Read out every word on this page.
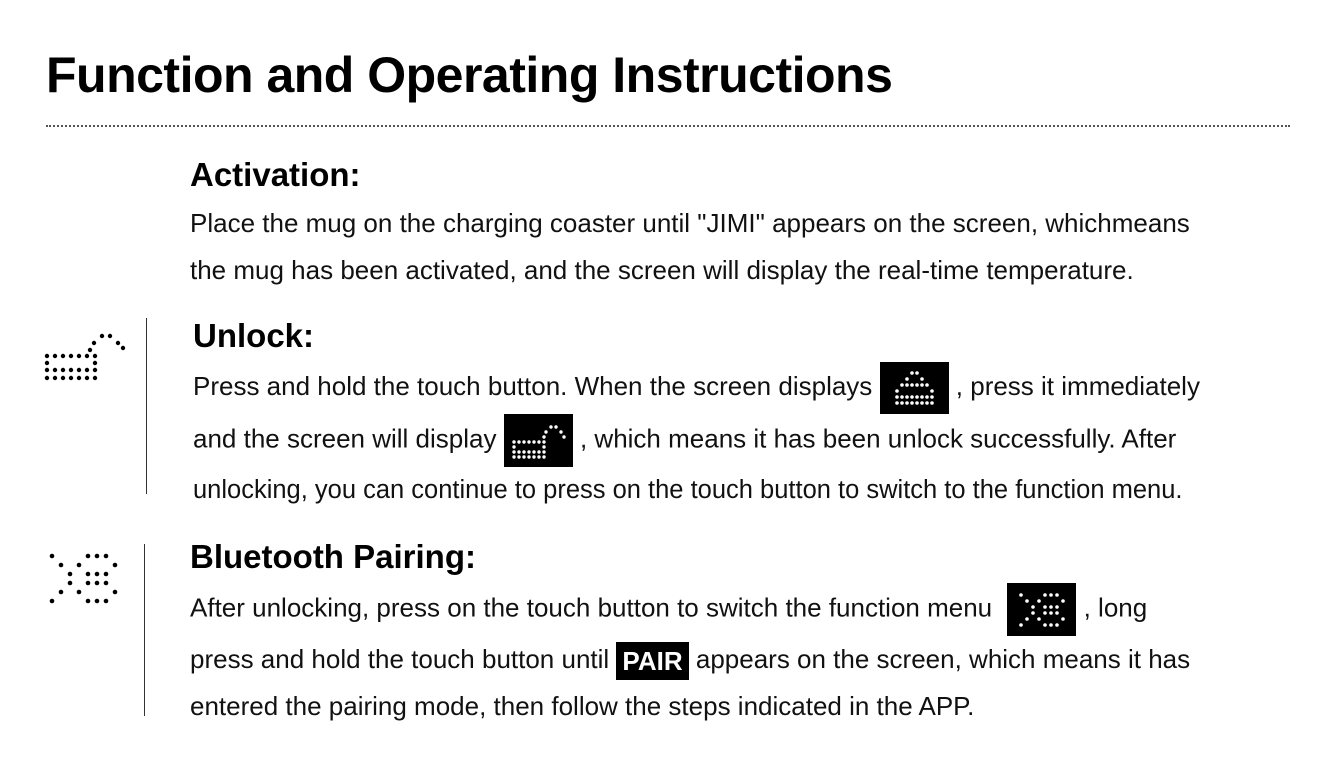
Function and Operating Instructions

Activation:

Place the mug on the charging coaster until "JIMI" appears on the screen, whichmeans

the mug has been activated, and the screen will display the real-time temperature.

Unlock:

Press and hold the touch button. When the screen displays	, press it immediately

and the screen will display	, which means it has been unlock successfully. After

unlocking, you can continue to press on the touch button to switch to the function menu.

Bluetooth Pairing:

After unlocking, press on the touch button to switch the function menu	, long

press and hold the touch button until PAIR appears on the screen, which means it has

entered the pairing mode, then follow the steps indicated in the APP.
